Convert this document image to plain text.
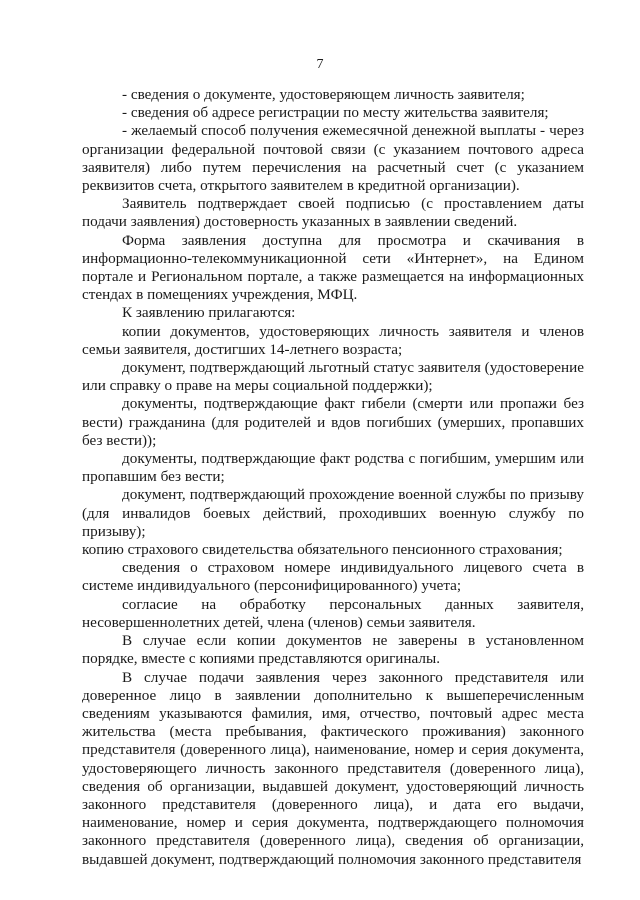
7

- сведения о документе, удостоверяющем личность заявителя;

- сведения об адресе регистрации по месту жительства заявителя;

- желаемый способ получения ежемесячной денежной выплаты - через организации федеральной почтовой связи (с указанием почтового адреса заявителя) либо путем перечисления на расчетный счет (с указанием реквизитов счета, открытого заявителем в кредитной организации).

Заявитель подтверждает своей подписью (с проставлением даты подачи заявления) достоверность указанных в заявлении сведений.

Форма заявления доступна для просмотра и скачивания в информационно-телекоммуникационной сети «Интернет», на Едином портале и Региональном портале, а также размещается на информационных стендах в помещениях учреждения, МФЦ.

К заявлению прилагаются:

копии документов, удостоверяющих личность заявителя и членов семьи заявителя, достигших 14-летнего возраста;

документ, подтверждающий льготный статус заявителя (удостоверение или справку о праве на меры социальной поддержки);

документы, подтверждающие факт гибели (смерти или пропажи без вести) гражданина (для родителей и вдов погибших (умерших, пропавших без вести));

документы, подтверждающие факт родства с погибшим, умершим или пропавшим без вести;

документ, подтверждающий прохождение военной службы по призыву (для инвалидов боевых действий, проходивших военную службу по призыву);

копию страхового свидетельства обязательного пенсионного страхования;

сведения о страховом номере индивидуального лицевого счета в системе индивидуального (персонифицированного) учета;

согласие на обработку персональных данных заявителя, несовершеннолетних детей, члена (членов) семьи заявителя.

В случае если копии документов не заверены в установленном порядке, вместе с копиями представляются оригиналы.

В случае подачи заявления через законного представителя или доверенное лицо в заявлении дополнительно к вышеперечисленным сведениям указываются фамилия, имя, отчество, почтовый адрес места жительства (места пребывания, фактического проживания) законного представителя (доверенного лица), наименование, номер и серия документа, удостоверяющего личность законного представителя (доверенного лица), сведения об организации, выдавшей документ, удостоверяющий личность законного представителя (доверенного лица), и дата его выдачи, наименование, номер и серия документа, подтверждающего полномочия законного представителя (доверенного лица), сведения об организации, выдавшей документ, подтверждающий полномочия законного представителя
